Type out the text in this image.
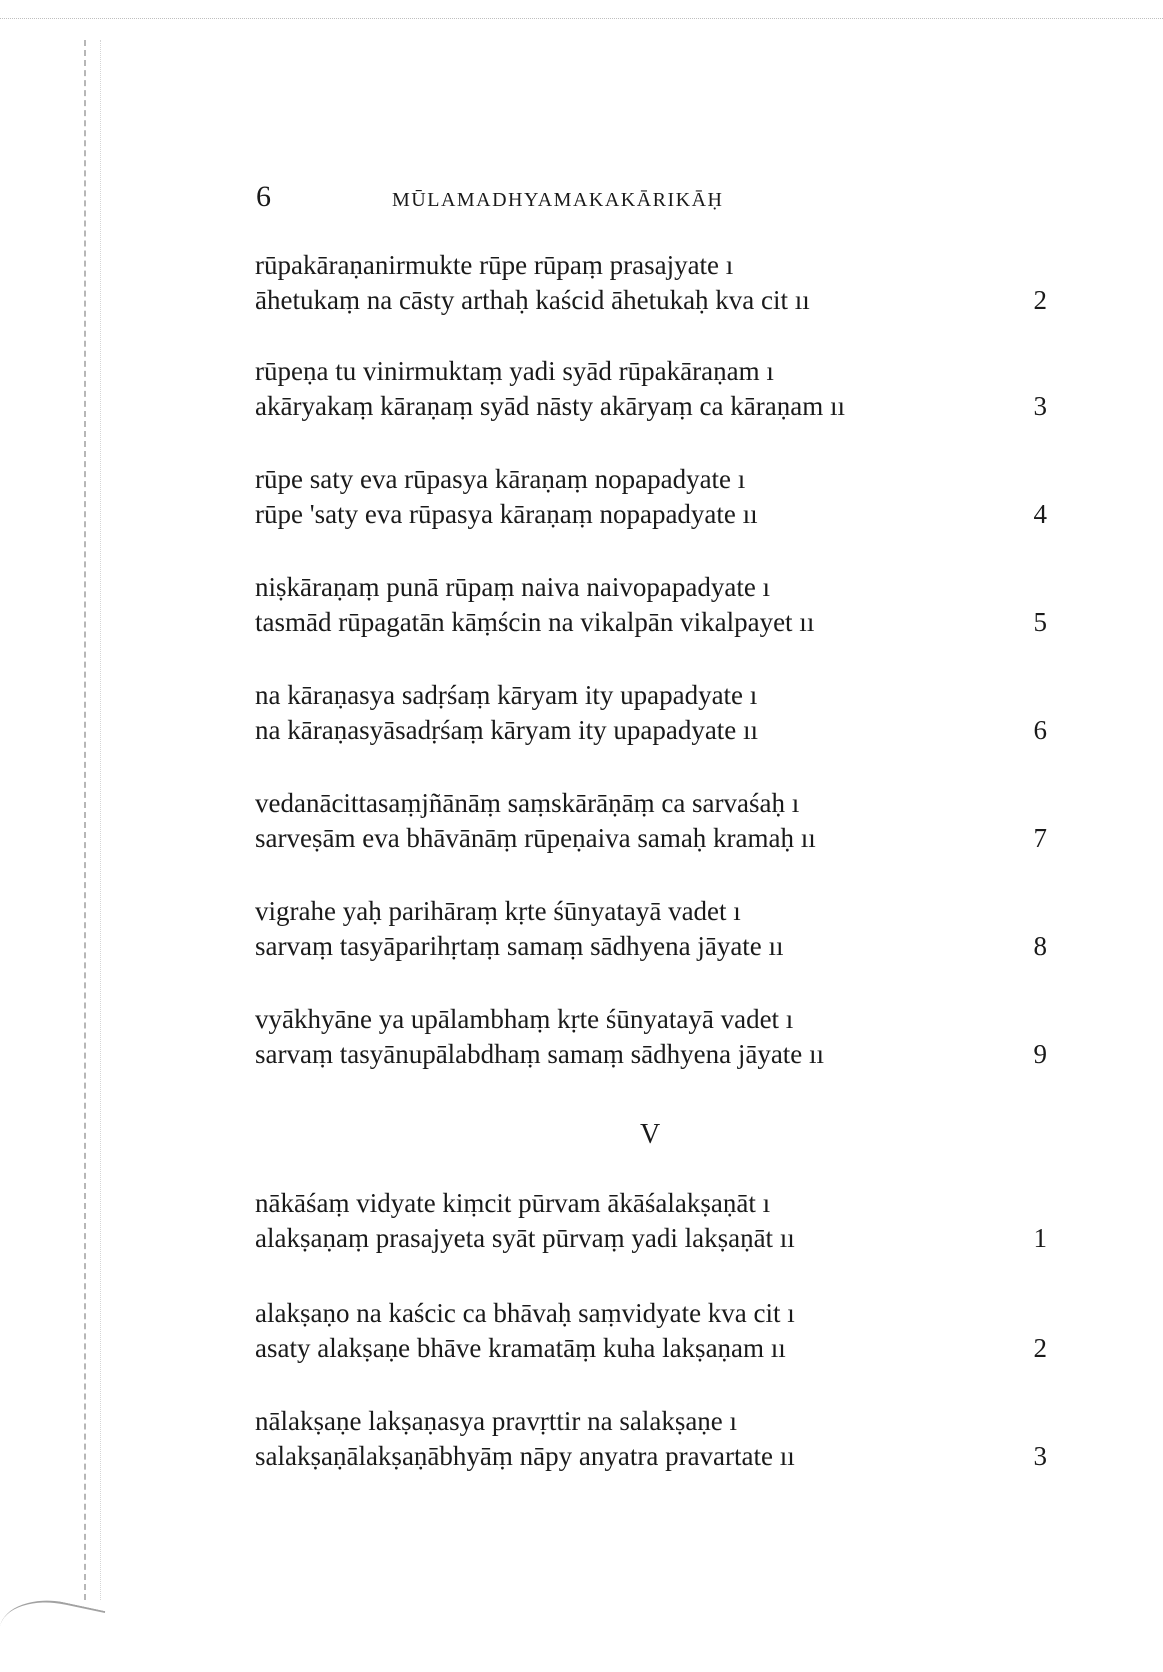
6	MŪLAMADHYAMAKAKĀRIKĀḤ
rūpakāraṇanirmukte rūpe rūpaṃ prasajyate ı
āhetukaṃ na cāsty arthaḥ kaścid āhetukaḥ kva cit ıı	2
rūpeṇa tu vinirmuktaṃ yadi syād rūpakāraṇam ı
akāryakaṃ kāraṇaṃ syād nāsty akāryaṃ ca kāraṇam ıı	3
rūpe saty eva rūpasya kāraṇaṃ nopapadyate ı
rūpe 'saty eva rūpasya kāraṇaṃ nopapadyate ıı	4
niṣkāraṇaṃ punā rūpaṃ naiva naivopapadyate ı
tasmād rūpagatān kāṃścin na vikalpān vikalpayet ıı	5
na kāraṇasya sadṛśaṃ kāryam ity upapadyate ı
na kāraṇasyāsadṛśaṃ kāryam ity upapadyate ıı	6
vedanācittasaṃjñānāṃ saṃskārāṇāṃ ca sarvaśaḥ ı
sarveṣām eva bhāvānāṃ rūpeṇaiva samaḥ kramaḥ ıı	7
vigrahe yaḥ parihāraṃ kṛte śūnyatayā vadet ı
sarvaṃ tasyāparihṛtaṃ samaṃ sādhyena jāyate ıı	8
vyākhyāne ya upālambhaṃ kṛte śūnyatayā vadet ı
sarvaṃ tasyānupālabdhaṃ samaṃ sādhyena jāyate ıı	9
V
nākāśaṃ vidyate kiṃcit pūrvam ākāśalakṣaṇāt ı
alakṣaṇaṃ prasajyeta syāt pūrvaṃ yadi lakṣaṇāt ıı	1
alakṣaṇo na kaścic ca bhāvaḥ saṃvidyate kva cit ı
asaty alakṣaṇe bhāve kramatāṃ kuha lakṣaṇam ıı	2
nālakṣaṇe lakṣaṇasya pravṛttir na salakṣaṇe ı
salakṣaṇālakṣaṇābhyāṃ nāpy anyatra pravartate ıı	3
